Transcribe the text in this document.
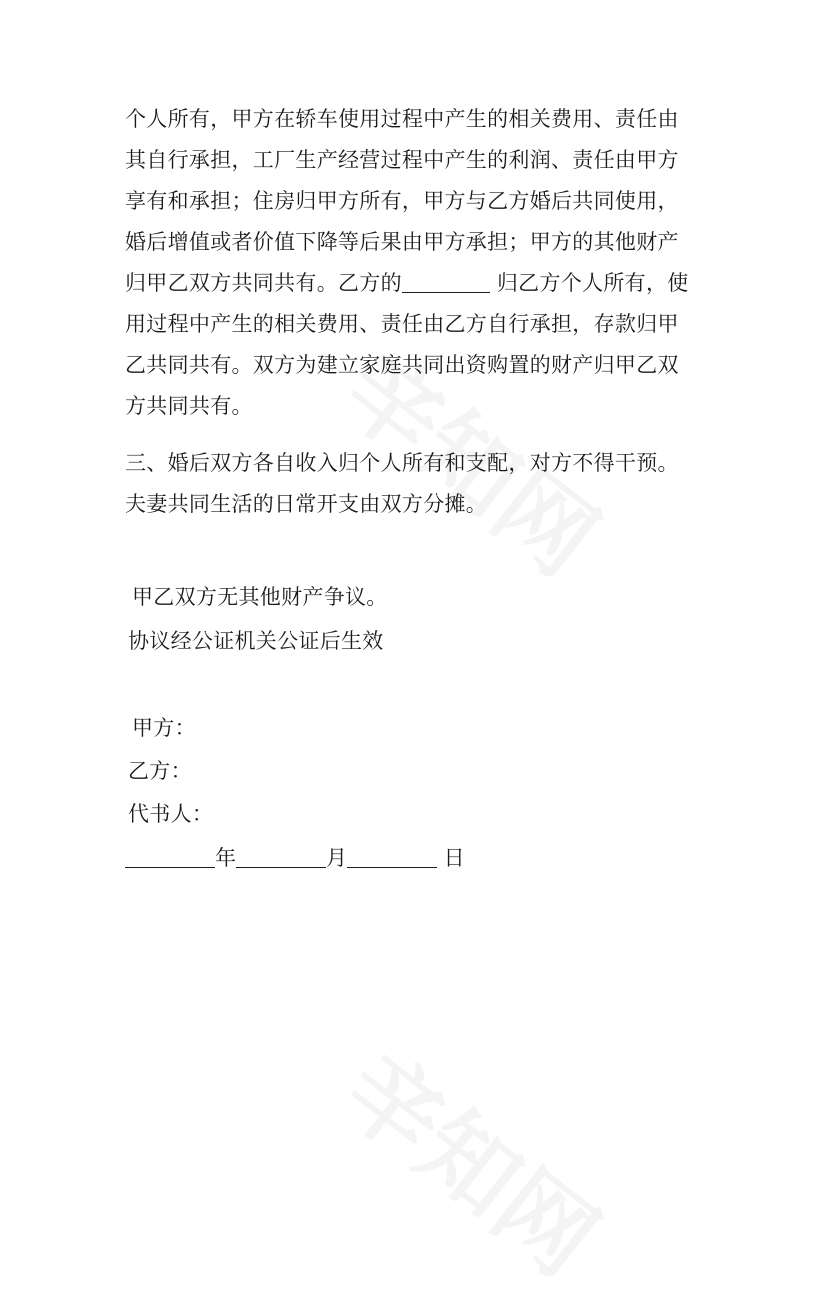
个人所有，甲方在轿车使用过程中产生的相关费用、责任由
其自行承担，工厂生产经营过程中产生的利润、责任由甲方
享有和承担；住房归甲方所有，甲方与乙方婚后共同使用，
婚后增值或者价值下降等后果由甲方承担；甲方的其他财产
归甲乙双方共同共有。乙方的	归乙方个人所有，使
用过程中产生的相关费用、责任由乙方自行承担，存款归甲
乙共同共有。双方为建立家庭共同出资购置的财产归甲乙双
方共同共有。
三、婚后双方各自收入归个人所有和支配，对方不得干预。
夫妻共同生活的日常开支由双方分摊。
甲乙双方无其他财产争议。
协议经公证机关公证后生效
甲方：
乙方：
代书人：
年	月	日
